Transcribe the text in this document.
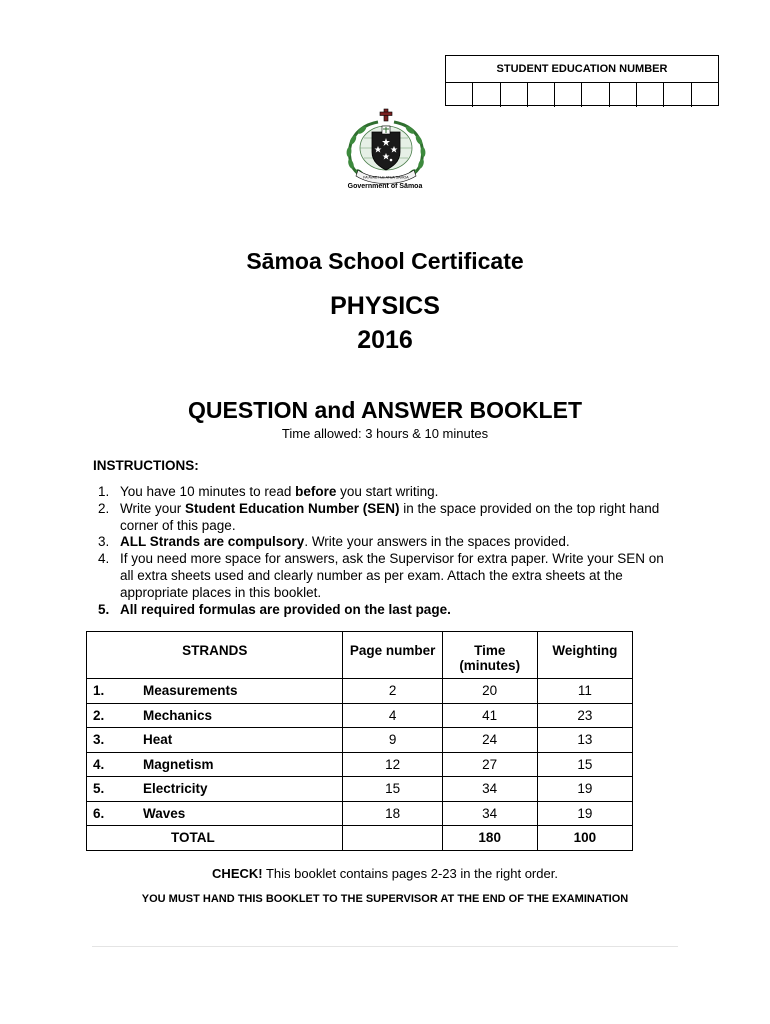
STUDENT EDUCATION NUMBER
FA'AVAE I LE ATUA SAMOA
Government of Sāmoa
Sāmoa School Certificate
PHYSICS
2016
QUESTION and ANSWER BOOKLET
Time allowed: 3 hours & 10 minutes
INSTRUCTIONS:
1. You have 10 minutes to read before you start writing.
2. Write your Student Education Number (SEN) in the space provided on the top right hand corner of this page.
3. ALL Strands are compulsory. Write your answers in the spaces provided.
4. If you need more space for answers, ask the Supervisor for extra paper. Write your SEN on all extra sheets used and clearly number as per exam. Attach the extra sheets at the appropriate places in this booklet.
5. All required formulas are provided on the last page.
STRANDS	Page number	Time (minutes)	Weighting
1. Measurements	2	20	11
2. Mechanics	4	41	23
3. Heat	9	24	13
4. Magnetism	12	27	15
5. Electricity	15	34	19
6. Waves	18	34	19
TOTAL		180	100
CHECK! This booklet contains pages 2-23 in the right order.
YOU MUST HAND THIS BOOKLET TO THE SUPERVISOR AT THE END OF THE EXAMINATION
